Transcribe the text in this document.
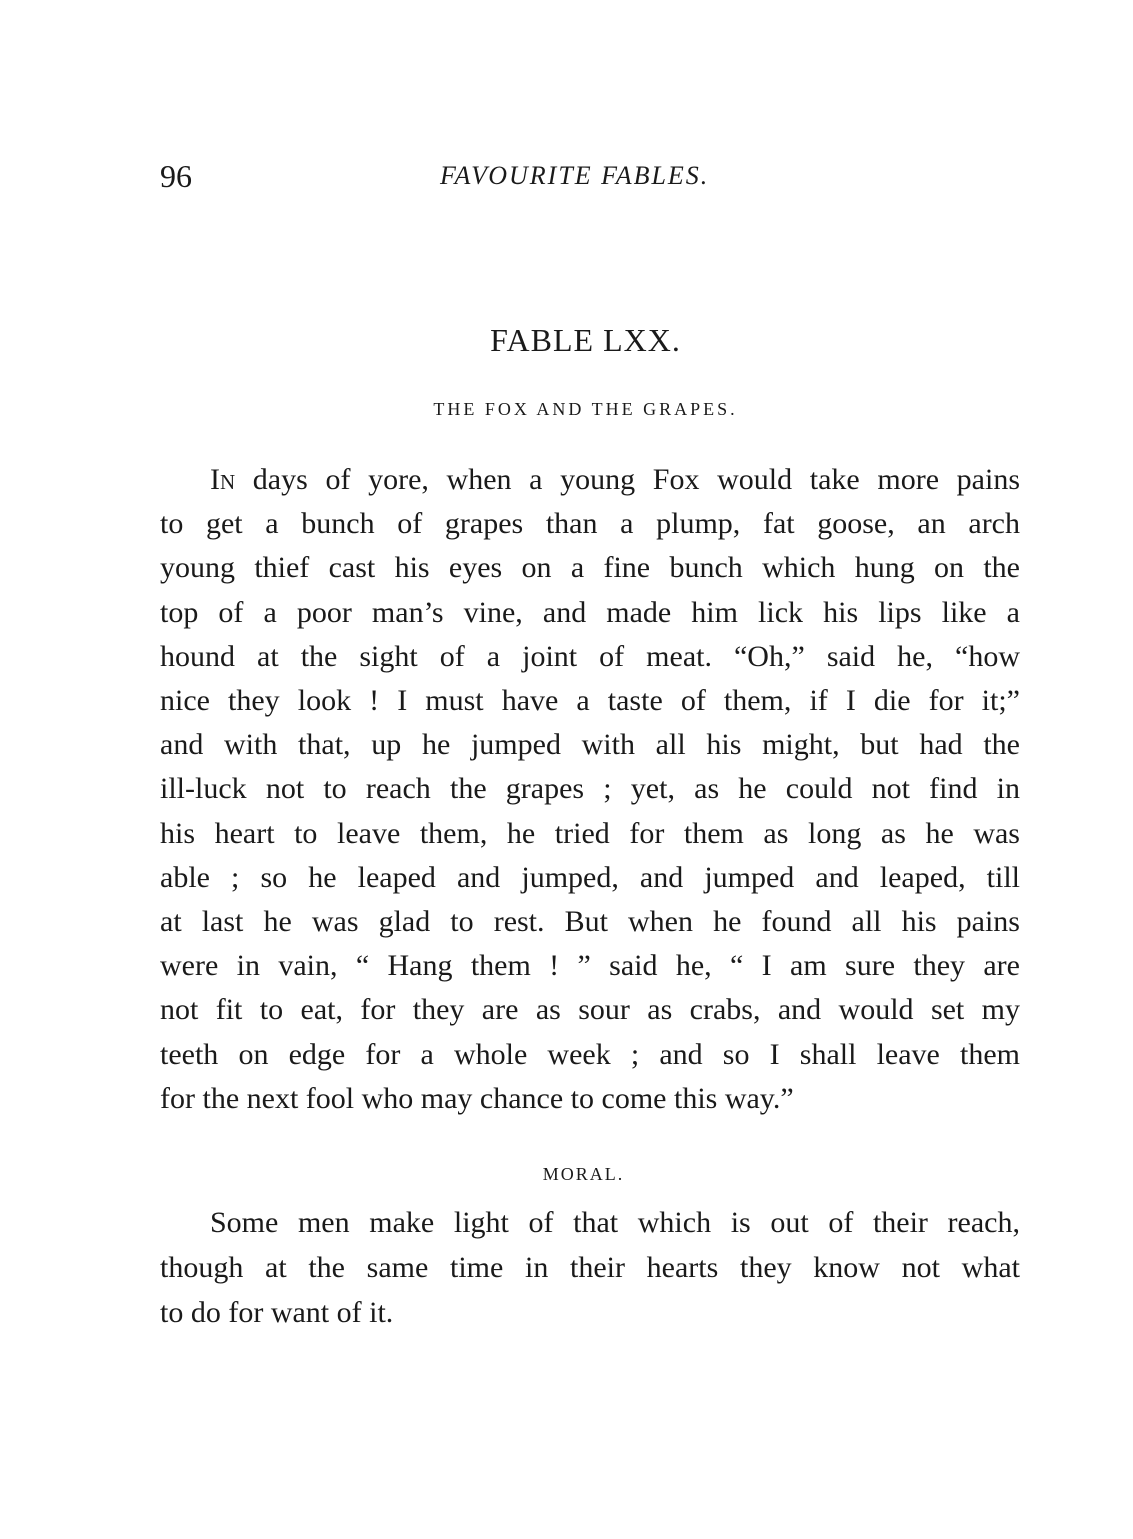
96	FAVOURITE FABLES.
FABLE LXX.
THE FOX AND THE GRAPES.
In days of yore, when a young Fox would take more pains
to get a bunch of grapes than a plump, fat goose, an arch
young thief cast his eyes on a fine bunch which hung on the
top of a poor man’s vine, and made him lick his lips like a
hound at the sight of a joint of meat. “Oh,” said he, “how
nice they look ! I must have a taste of them, if I die for it;”
and with that, up he jumped with all his might, but had the
ill-luck not to reach the grapes ; yet, as he could not find in
his heart to leave them, he tried for them as long as he was
able ; so he leaped and jumped, and jumped and leaped, till
at last he was glad to rest. But when he found all his pains
were in vain, “ Hang them ! ” said he, “ I am sure they are
not fit to eat, for they are as sour as crabs, and would set my
teeth on edge for a whole week ; and so I shall leave them
for the next fool who may chance to come this way.”
MORAL.
Some men make light of that which is out of their reach,
though at the same time in their hearts they know not what
to do for want of it.
